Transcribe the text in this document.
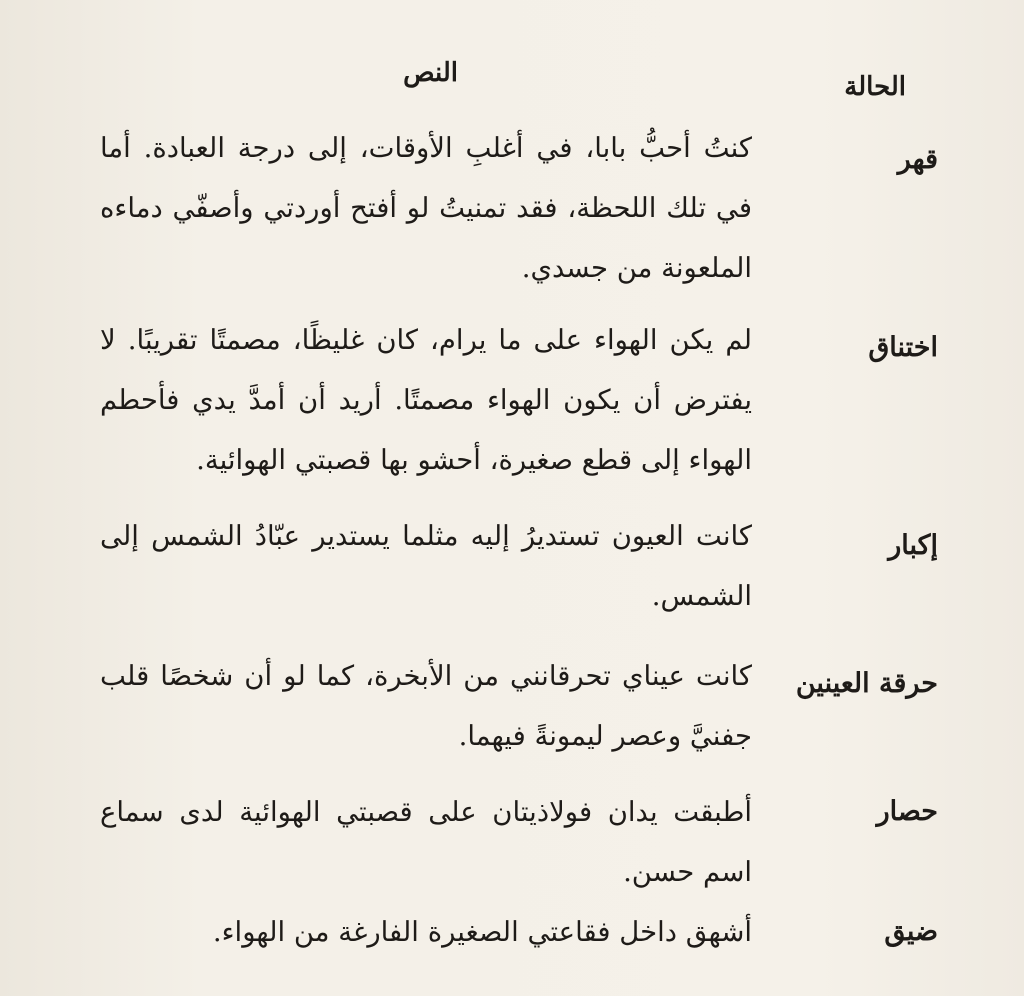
الحالة
النص
قهر
كنتُ أحبُّ بابا، في أغلبِ الأوقات، إلى درجة العبادة. أما في تلك اللحظة، فقد تمنيتُ لو أفتح أوردتي وأصفّي دماءه الملعونة من جسدي.
اختناق
لم يكن الهواء على ما يرام، كان غليظًا، مصمتًا تقريبًا. لا يفترض أن يكون الهواء مصمتًا. أريد أن أمدَّ يدي فأحطم الهواء إلى قطع صغيرة، أحشو بها قصبتي الهوائية.
إكبار
كانت العيون تستديرُ إليه مثلما يستدير عبّادُ الشمس إلى الشمس.
حرقة العينين
كانت عيناي تحرقانني من الأبخرة، كما لو أن شخصًا قلب جفنيَّ وعصر ليمونةً فيهما.
حصار
أطبقت يدان فولاذيتان على قصبتي الهوائية لدى سماع اسم حسن.
ضيق
أشهق داخل فقاعتي الصغيرة الفارغة من الهواء.
